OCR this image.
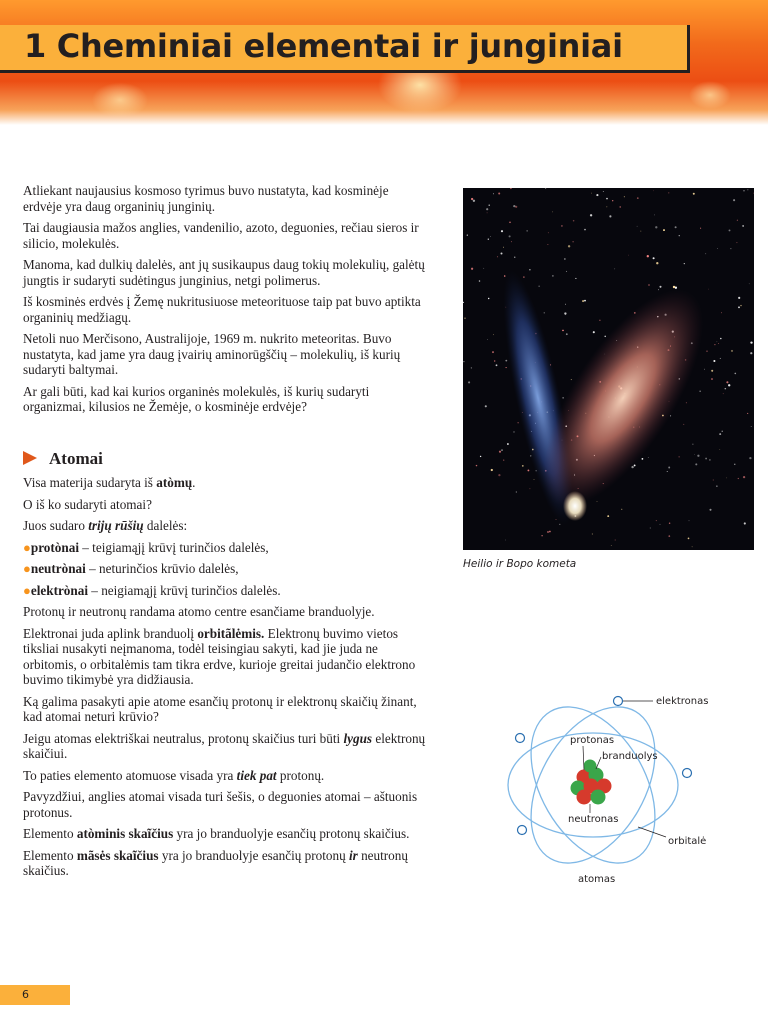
1 Cheminiai elementai ir junginiai

Atliekant naujausius kosmoso tyrimus buvo nustatyta, kad kosminėje erdvėje yra daug organinių junginių.

Tai daugiausia mažos anglies, vandenilio, azoto, deguonies, rečiau sieros ir silicio, molekulės.

Manoma, kad dulkių dalelės, ant jų susikaupus daug tokių molekulių, galėtų jungtis ir sudaryti sudėtingus junginius, netgi polimerus.

Iš kosminės erdvės į Žemę nukritusiuose meteorituose taip pat buvo aptikta organinių medžiagų.

Netoli nuo Merčisono, Australijoje, 1969 m. nukrito meteoritas. Buvo nustatyta, kad jame yra daug įvairių aminorūgščių – molekulių, iš kurių sudaryti baltymai.

Ar gali būti, kad kai kurios organinės molekulės, iš kurių sudaryti organizmai, kilusios ne Žemėje, o kosminėje erdvėje?

Atomai

Visa materija sudaryta iš atòmų.

O iš ko sudaryti atomai?

Juos sudaro trijų rūšių dalelės:

●protònai – teigiamąjį krūvį turinčios dalelės,

●neutrònai – neturinčios krūvio dalelės,

●elektrònai – neigiamąjį krūvį turinčios dalelės.

Protonų ir neutronų randama atomo centre esančiame branduolyje.

Elektronai juda aplink branduolį orbitãlėmis. Elektronų buvimo vietos tiksliai nusakyti neįmanoma, todėl teisingiau sakyti, kad jie juda ne orbitomis, o orbitalėmis tam tikra erdve, kurioje greitai judančio elektrono buvimo tikimybė yra didžiausia.

Ką galima pasakyti apie atome esančių protonų ir elektronų skaičių žinant, kad atomai neturi krūvio?

Jeigu atomas elektriškai neutralus, protonų skaičius turi būti lygus elektronų skaičiui.

To paties elemento atomuose visada yra tiek pat protonų.

Pavyzdžiui, anglies atomai visada turi šešis, o deguonies atomai – aštuonis protonus.

Elemento atòminis skaĩčius yra jo branduolyje esančių protonų skaičius.

Elemento mãsės skaĩčius yra jo branduolyje esančių protonų ir neutronų skaičius.

Heilio ir Bopo kometa
elektronas
protonas
branduolys
neutronas
orbitalė
atomas
6
